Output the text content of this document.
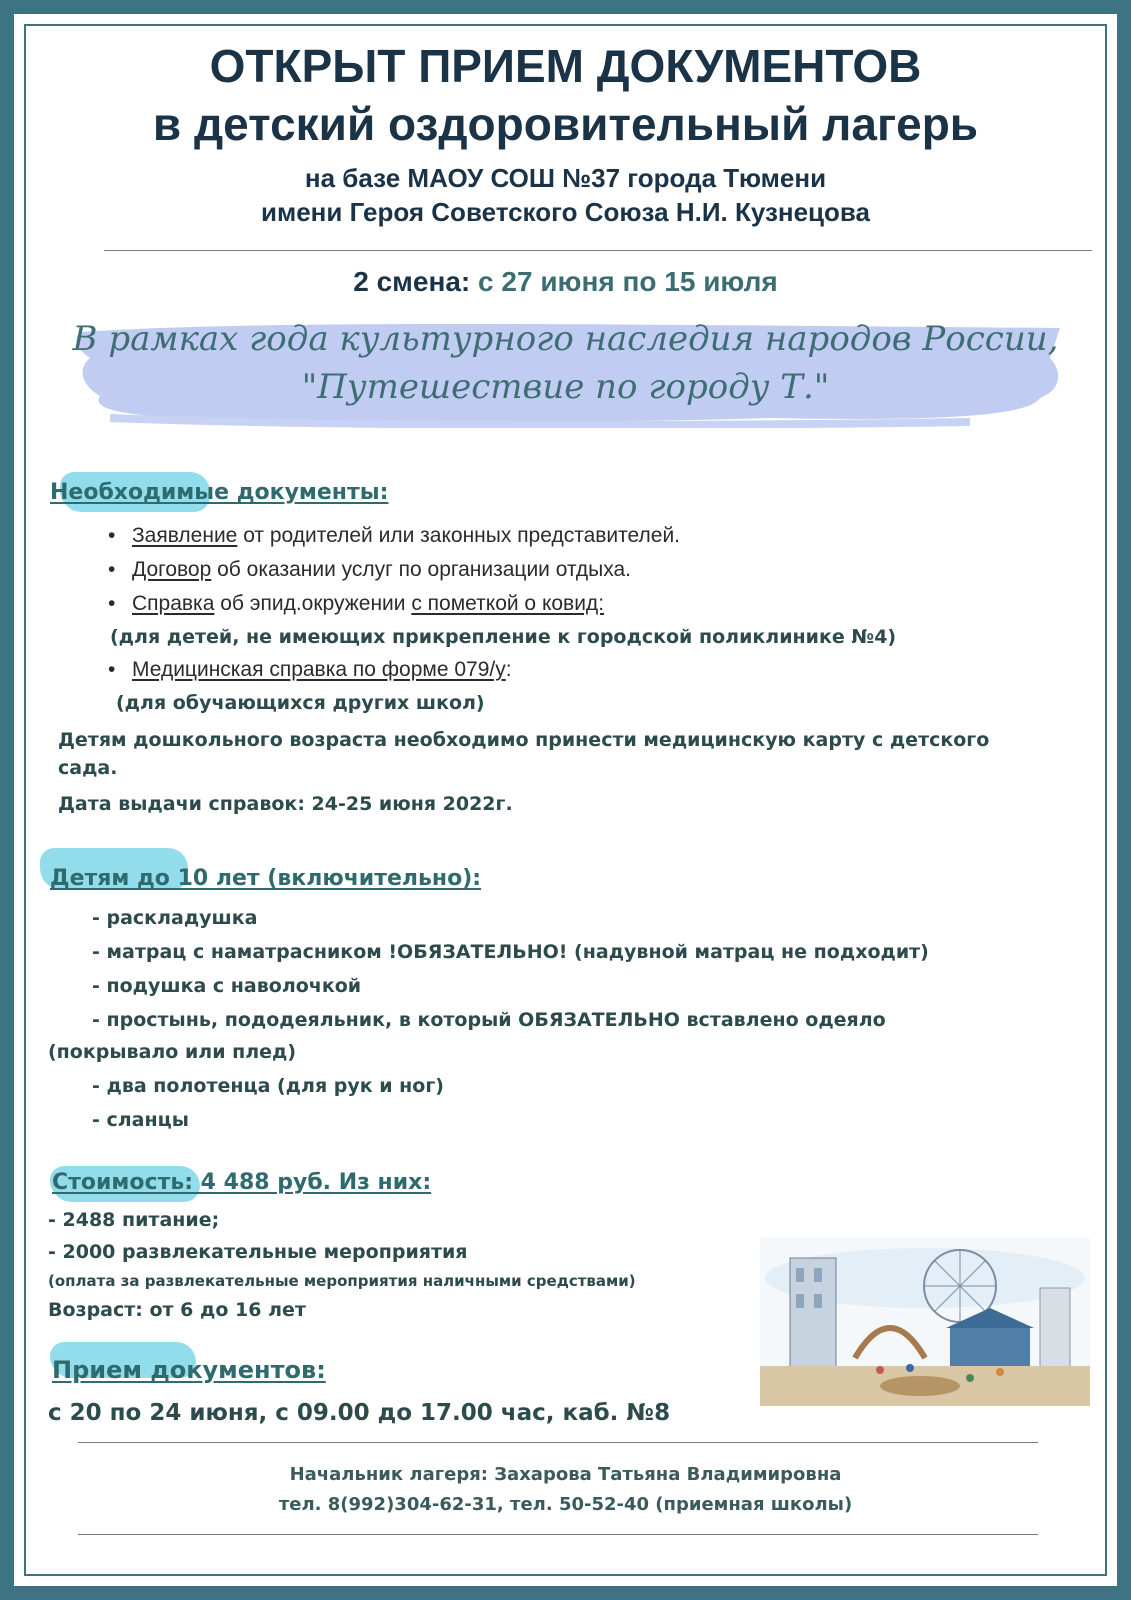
ОТКРЫТ ПРИЕМ ДОКУМЕНТОВ
в детский оздоровительный лагерь
на базе МАОУ СОШ №37 города Тюмени
имени Героя Советского Союза Н.И. Кузнецова
2 смена: с 27 июня по 15 июля
В рамках года культурного наследия народов России,
"Путешествие по городу Т."
Необходимые документы:
• Заявление от родителей или законных представителей.
• Договор об оказании услуг по организации отдыха.
• Справка об эпид.окружении с пометкой о ковид:
(для детей, не имеющих прикрепление к городской поликлинике №4)
• Медицинская справка по форме 079/у:
(для обучающихся других школ)
Детям дошкольного возраста необходимо принести медицинскую карту с детского
сада.
Дата выдачи справок: 24-25 июня 2022г.
Детям до 10 лет (включительно):
- раскладушка
- матрац с наматрасником !ОБЯЗАТЕЛЬНО! (надувной матрац не подходит)
- подушка с наволочкой
- простынь, пододеяльник, в который ОБЯЗАТЕЛЬНО вставлено одеяло
(покрывало или плед)
- два полотенца (для рук и ног)
- сланцы
Стоимость: 4 488 руб. Из них:
- 2488 питание;
- 2000 развлекательные мероприятия
(оплата за развлекательные мероприятия наличными средствами)
Возраст: от 6 до 16 лет
Прием документов:
с 20 по 24 июня, с 09.00 до 17.00 час, каб. №8
Начальник лагеря: Захарова Татьяна Владимировна
тел. 8(992)304-62-31, тел. 50-52-40 (приемная школы)
